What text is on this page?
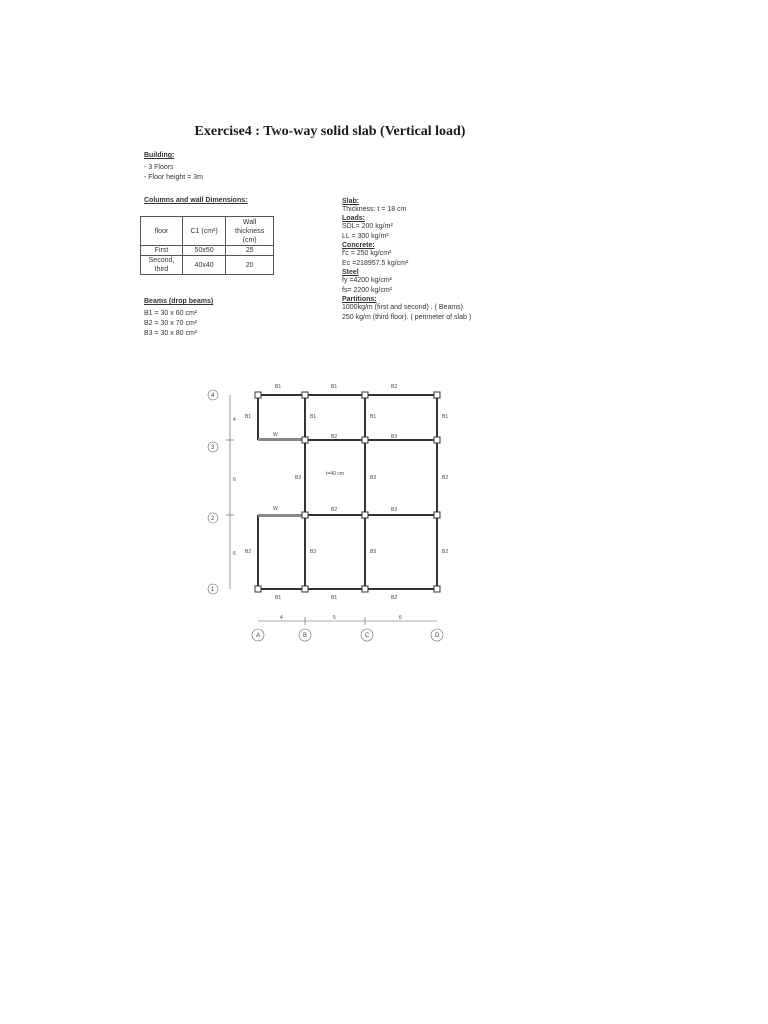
Exercise4 : Two-way solid slab (Vertical load)
Building:
- 3 Floors
- Floor height = 3m
Columns and wall Dimensions:
floor	C1 (cm²)	Wall thickness (cm)
First	50x50	25
Second, third	40x40	20
Beams (drop beams)
B1 = 30 x 60 cm²
B2 = 30 x 70 cm²
B3 = 30 x 80 cm²
Slab:
Thickness: t = 18 cm
Loads:
SDL= 200 kg/m²
LL = 300 kg/m²
Concrete:
f′c = 250 kg/cm²
Ec =218957.5 kg/cm²
Steel
fy =4200 kg/cm²
fs= 2200 kg/cm²
Partitions:
1000kg/m (first and second) . ( Beams)
250 kg/m (third floor). ( perimeter of slab )
B1	B1	B2
B1	B1	B1	B1
W	B2	B3
B3
t=40 cm
B3	B2
W	B2	B3
B2	B3	B3	B2
B1	B1	B2
4
6
6
4
3
2
1
4	5	6
A	B	C	D
